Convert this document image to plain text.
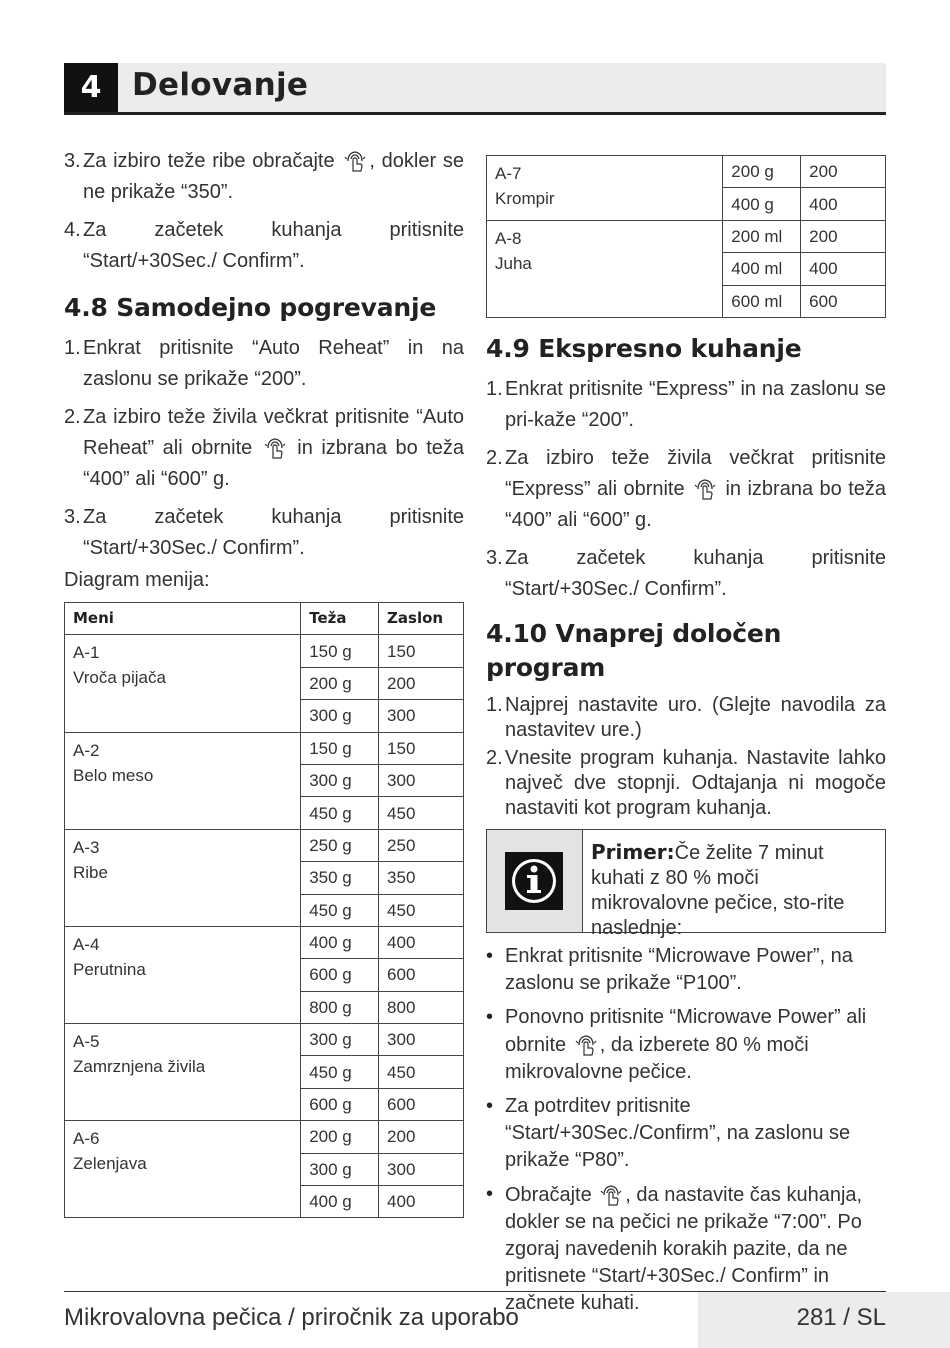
4 Delovanje
3. Za izbiro teže ribe obračajte , dokler se ne prikaže “350”.
4. Za začetek kuhanja pritisnite “Start/+30Sec./ Confirm”.
4.8 Samodejno pogrevanje
1. Enkrat pritisnite “Auto Reheat” in na zaslonu se prikaže “200”.
2. Za izbiro teže živila večkrat pritisnite “Auto Reheat” ali obrnite  in izbrana bo teža “400” ali “600” g.
3. Za začetek kuhanja pritisnite “Start/+30Sec./ Confirm”.
Diagram menija:
Meni	Teža	Zaslon

A-1
Vroča pijača	150 g	150
	200 g	200
	300 g	300

A-2
Belo meso	150 g	150
	300 g	300
	450 g	450

A-3
Ribe	250 g	250
	350 g	350
	450 g	450

A-4
Perutnina	400 g	400
	600 g	600
	800 g	800

A-5
Zamrznjena živila	300 g	300
	450 g	450
	600 g	600

A-6
Zelenjava	200 g	200
	300 g	300
	400 g	400
A-7
Krompir	200 g	200
	400 g	400

A-8
Juha	200 ml	200
	400 ml	400
	600 ml	600
4.9 Ekspresno kuhanje
1. Enkrat pritisnite “Express” in na zaslonu se pri-kaže “200”.
2. Za izbiro teže živila večkrat pritisnite “Express” ali obrnite  in izbrana bo teža “400” ali “600” g.
3. Za začetek kuhanja pritisnite “Start/+30Sec./ Confirm”.
4.10 Vnaprej določen program
1. Najprej nastavite uro. (Glejte navodila za nastavitev ure.)
2. Vnesite program kuhanja. Nastavite lahko največ dve stopnji. Odtajanja ni mogoče nastaviti kot program kuhanja.
Primer:Če želite 7 minut kuhati z 80 % moči mikrovalovne pečice, sto-rite naslednje:
• Enkrat pritisnite “Microwave Power”, na zaslonu se prikaže “P100”.
• Ponovno pritisnite “Microwave Power” ali obrnite , da izberete 80 % moči mikrovalovne pečice.
• Za potrditev pritisnite “Start/+30Sec./Confirm”, na zaslonu se prikaže “P80”.
• Obračajte , da nastavite čas kuhanja, dokler se na pečici ne prikaže “7:00”. Po zgoraj navedenih korakih pazite, da ne pritisnete “Start/+30Sec./ Confirm” in začnete kuhati.
Mikrovalovna pečica / priročnik za uporabo	281 / SL
